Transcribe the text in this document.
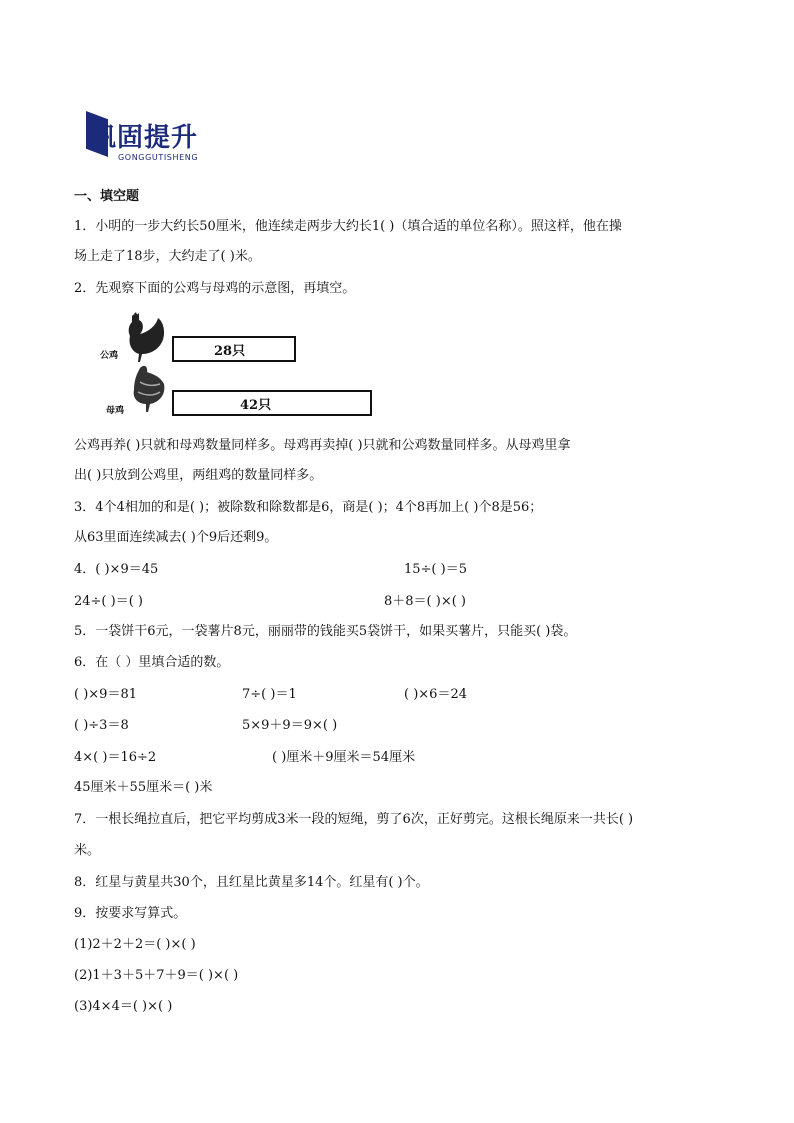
巩固提升
GONGGUTISHENG
一、填空题
1．小明的一步大约长50厘米，他连续走两步大约长1( )（填合适的单位名称）。照这样，他在操
场上走了18步，大约走了( )米。
2．先观察下面的公鸡与母鸡的示意图，再填空。
公鸡	28只
母鸡	42只
公鸡再养( )只就和母鸡数量同样多。母鸡再卖掉( )只就和公鸡数量同样多。从母鸡里拿
出( )只放到公鸡里，两组鸡的数量同样多。
3．4个4相加的和是( )；被除数和除数都是6，商是( )；4个8再加上( )个8是56；
从63里面连续减去( )个9后还剩9。
4．( )×9＝45	15÷( )＝5
24÷( )＝( )	8＋8＝( )×( )
5．一袋饼干6元，一袋薯片8元，丽丽带的钱能买5袋饼干，如果买薯片，只能买( )袋。
6．在（ ）里填合适的数。
( )×9＝81	7÷( )＝1	( )×6＝24
( )÷3＝8	5×9＋9＝9×( )
4×( )＝16÷2	( )厘米＋9厘米＝54厘米
45厘米＋55厘米＝( )米
7．一根长绳拉直后，把它平均剪成3米一段的短绳，剪了6次，正好剪完。这根长绳原来一共长( )
米。
8．红星与黄星共30个，且红星比黄星多14个。红星有( )个。
9．按要求写算式。
(1)2＋2＋2＝( )×( )
(2)1＋3＋5＋7＋9＝( )×( )
(3)4×4＝( )×( )
